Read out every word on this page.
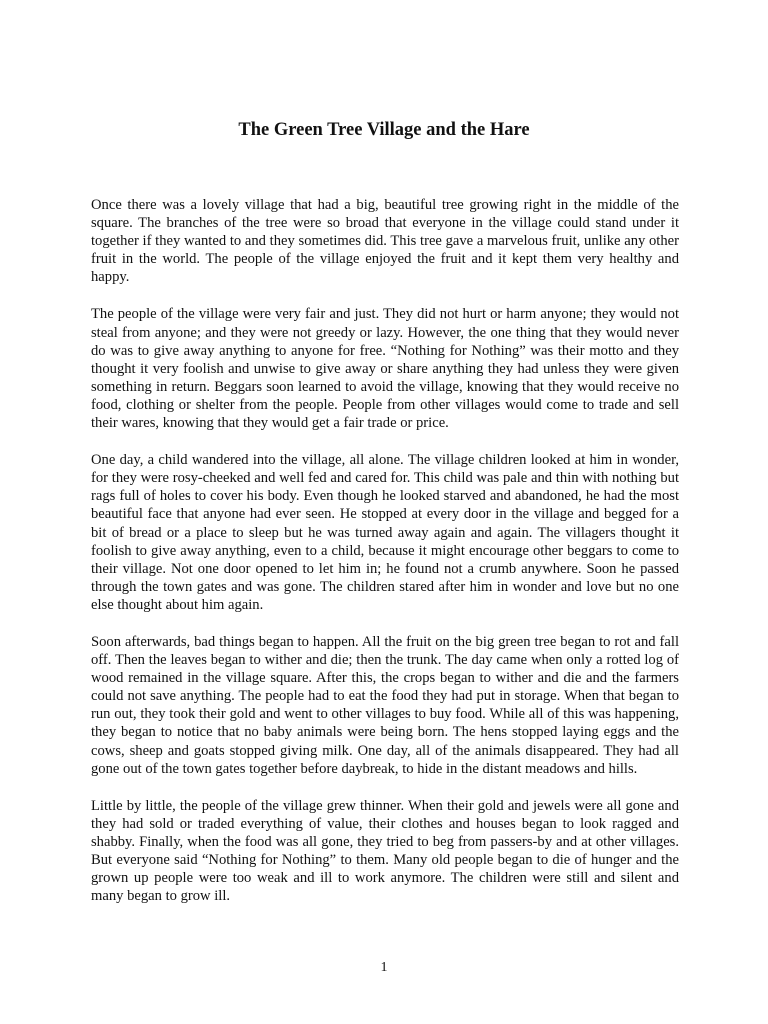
The Green Tree Village and the Hare

Once there was a lovely village that had a big, beautiful tree growing right in the middle of the square. The branches of the tree were so broad that everyone in the village could stand under it together if they wanted to and they sometimes did. This tree gave a marvelous fruit, unlike any other fruit in the world. The people of the village enjoyed the fruit and it kept them very healthy and happy.

The people of the village were very fair and just. They did not hurt or harm anyone; they would not steal from anyone; and they were not greedy or lazy. However, the one thing that they would never do was to give away anything to anyone for free. “Nothing for Nothing” was their motto and they thought it very foolish and unwise to give away or share anything they had unless they were given something in return. Beggars soon learned to avoid the village, knowing that they would receive no food, clothing or shelter from the people. People from other villages would come to trade and sell their wares, knowing that they would get a fair trade or price.

One day, a child wandered into the village, all alone. The village children looked at him in wonder, for they were rosy-cheeked and well fed and cared for. This child was pale and thin with nothing but rags full of holes to cover his body. Even though he looked starved and abandoned, he had the most beautiful face that anyone had ever seen. He stopped at every door in the village and begged for a bit of bread or a place to sleep but he was turned away again and again. The villagers thought it foolish to give away anything, even to a child, because it might encourage other beggars to come to their village. Not one door opened to let him in; he found not a crumb anywhere. Soon he passed through the town gates and was gone. The children stared after him in wonder and love but no one else thought about him again.

Soon afterwards, bad things began to happen. All the fruit on the big green tree began to rot and fall off. Then the leaves began to wither and die; then the trunk. The day came when only a rotted log of wood remained in the village square. After this, the crops began to wither and die and the farmers could not save anything. The people had to eat the food they had put in storage. When that began to run out, they took their gold and went to other villages to buy food. While all of this was happening, they began to notice that no baby animals were being born. The hens stopped laying eggs and the cows, sheep and goats stopped giving milk. One day, all of the animals disappeared. They had all gone out of the town gates together before daybreak, to hide in the distant meadows and hills.

Little by little, the people of the village grew thinner. When their gold and jewels were all gone and they had sold or traded everything of value, their clothes and houses began to look ragged and shabby. Finally, when the food was all gone, they tried to beg from passers-by and at other villages. But everyone said “Nothing for Nothing” to them. Many old people began to die of hunger and the grown up people were too weak and ill to work anymore. The children were still and silent and many began to grow ill.

1
